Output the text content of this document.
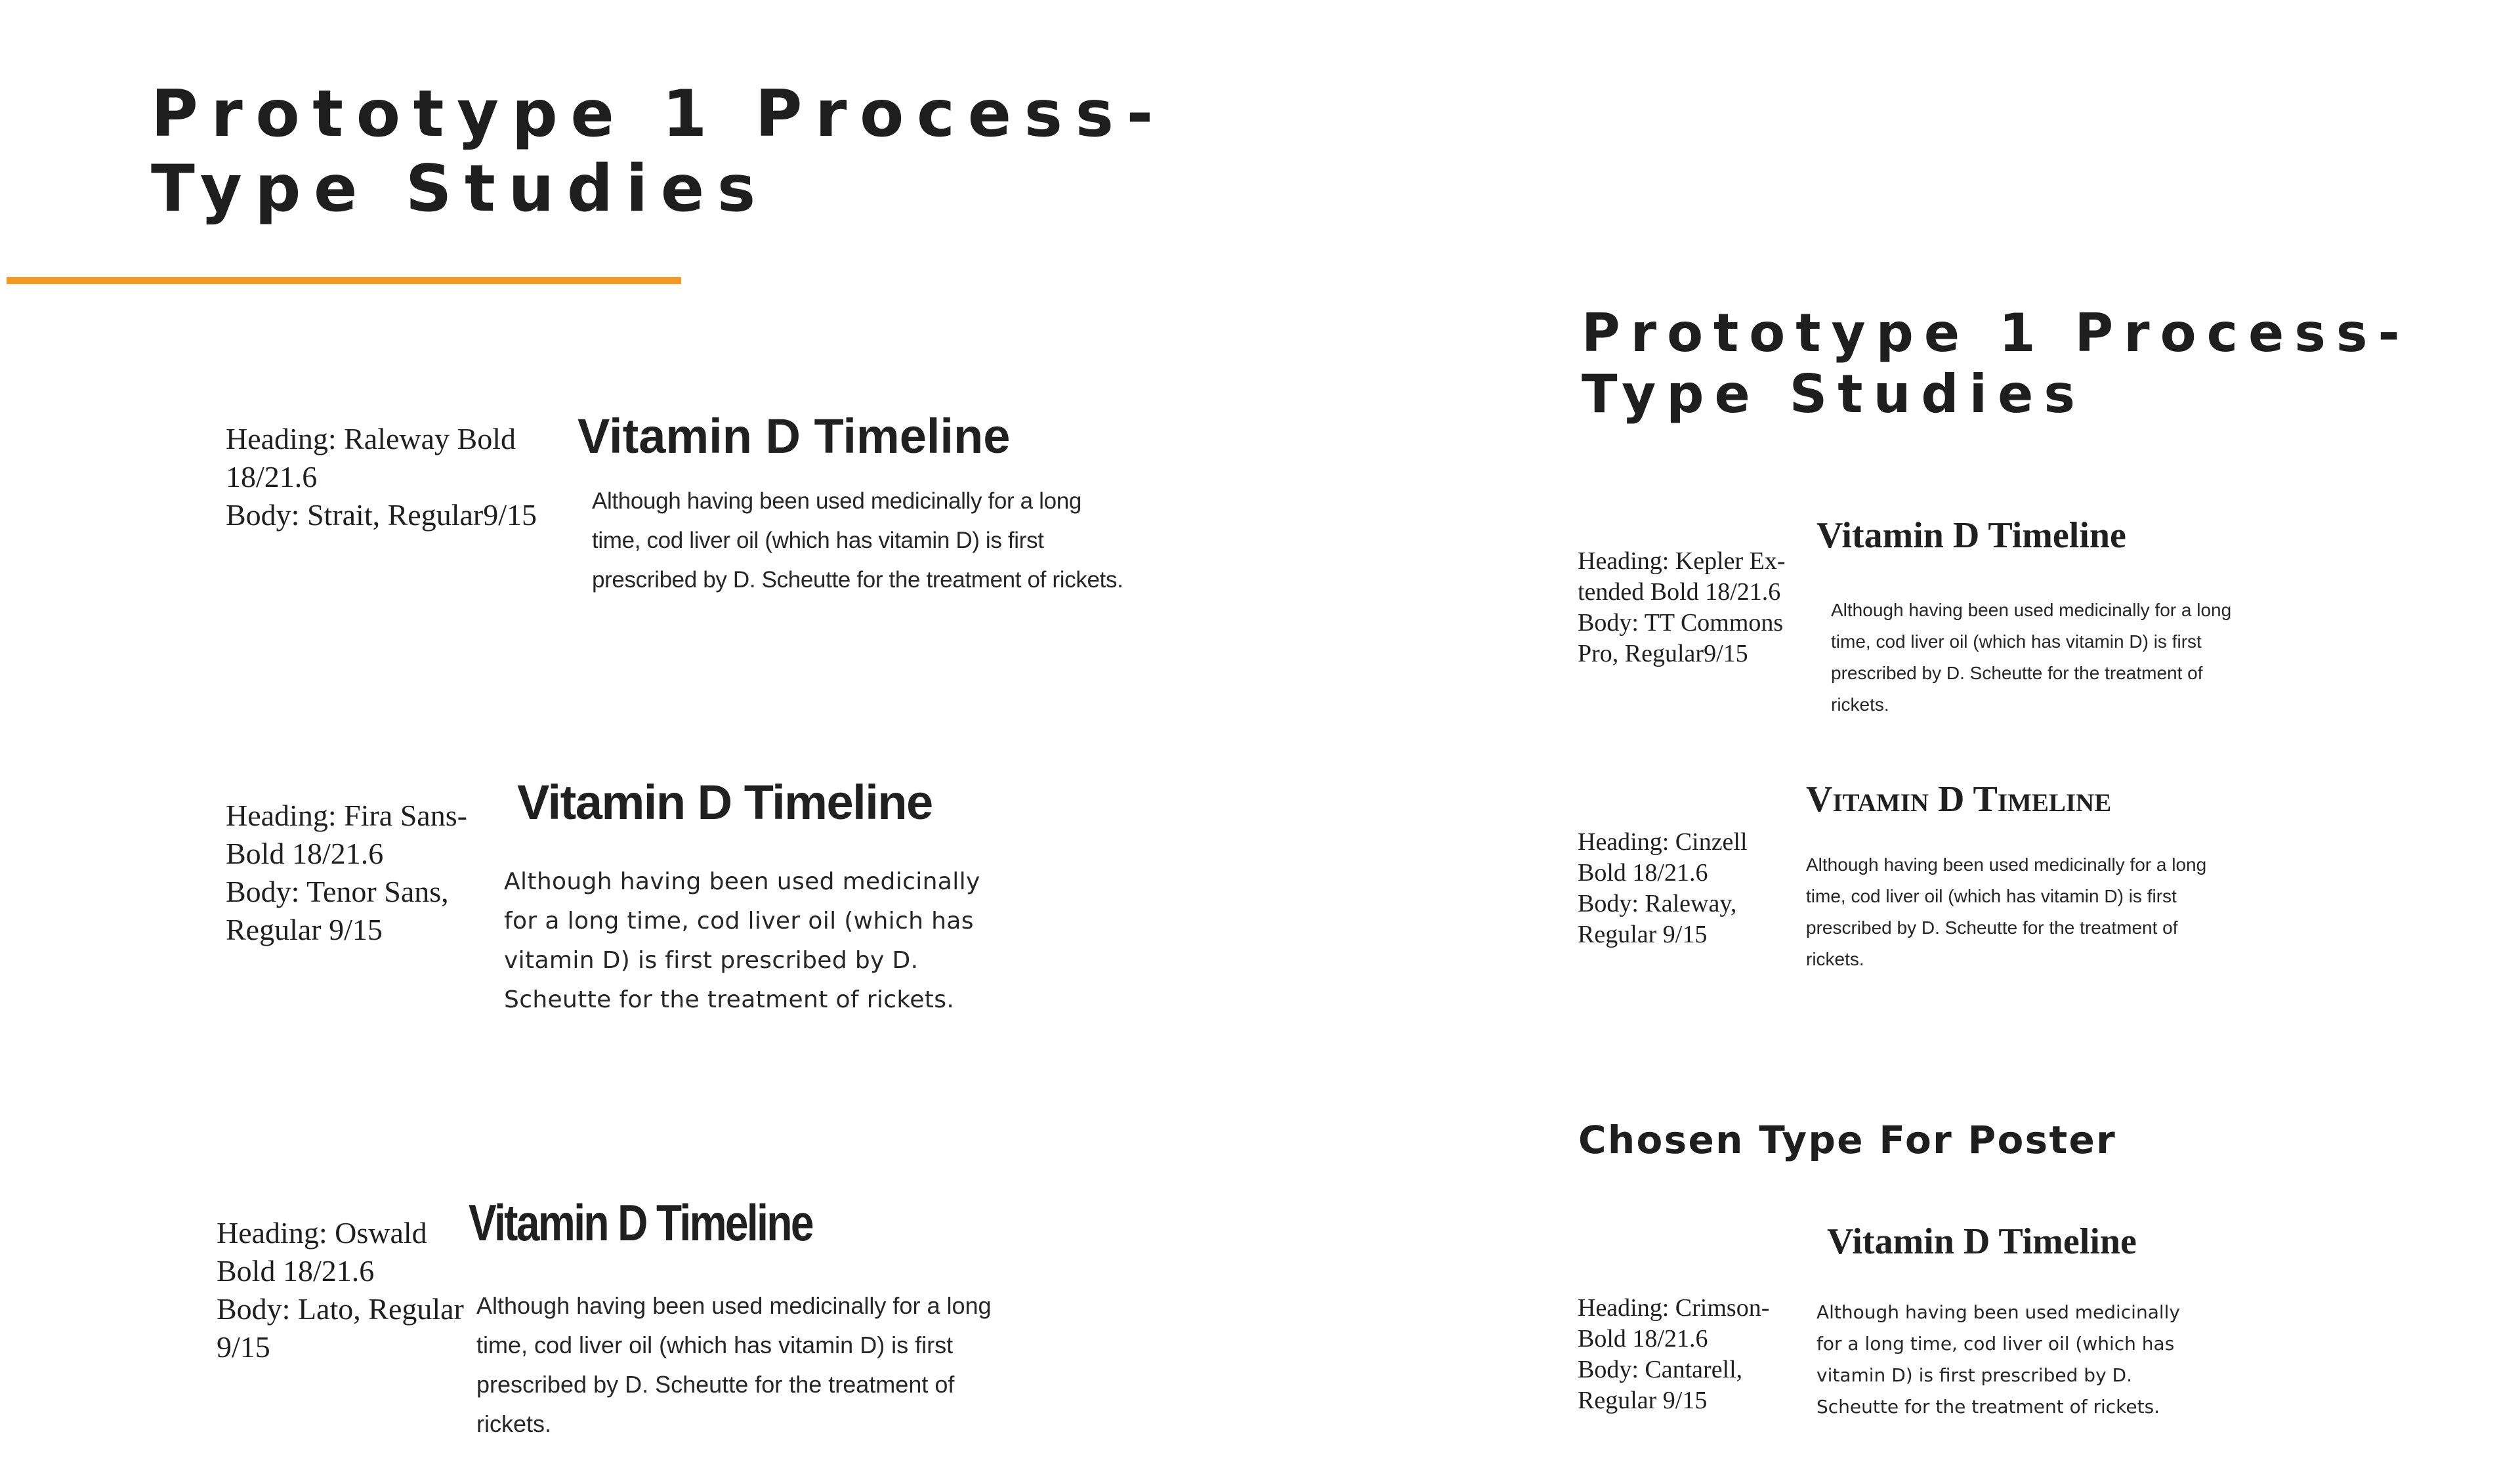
Prototype 1 Process-
Type Studies

Heading: Raleway Bold
18/21.6
Body: Strait, Regular9/15

Vitamin D Timeline

Although having been used medicinally for a long time, cod liver oil (which has vitamin D) is first prescribed by D. Scheutte for the treatment of rickets.

Heading: Fira Sans-
Bold 18/21.6
Body: Tenor Sans,
Regular 9/15

Vitamin D Timeline

Although having been used medicinally for a long time, cod liver oil (which has vitamin D) is first prescribed by D. Scheutte for the treatment of rickets.

Heading: Oswald
Bold 18/21.6
Body: Lato, Regular
9/15

Vitamin D Timeline

Although having been used medicinally for a long time, cod liver oil (which has vitamin D) is first prescribed by D. Scheutte for the treatment of rickets.

Prototype 1 Process-
Type Studies

Heading: Kepler Ex-
tended Bold 18/21.6
Body: TT Commons
Pro, Regular9/15

Vitamin D Timeline

Although having been used medicinally for a long time, cod liver oil (which has vitamin D) is first prescribed by D. Scheutte for the treatment of rickets.

Heading: Cinzell
Bold 18/21.6
Body: Raleway,
Regular 9/15

Vitamin D Timeline

Although having been used medicinally for a long time, cod liver oil (which has vitamin D) is first prescribed by D. Scheutte for the treatment of rickets.

Chosen Type For Poster

Heading: Crimson-
Bold 18/21.6
Body: Cantarell,
Regular 9/15

Vitamin D Timeline

Although having been used medicinally for a long time, cod liver oil (which has vitamin D) is first prescribed by D. Scheutte for the treatment of rickets.
